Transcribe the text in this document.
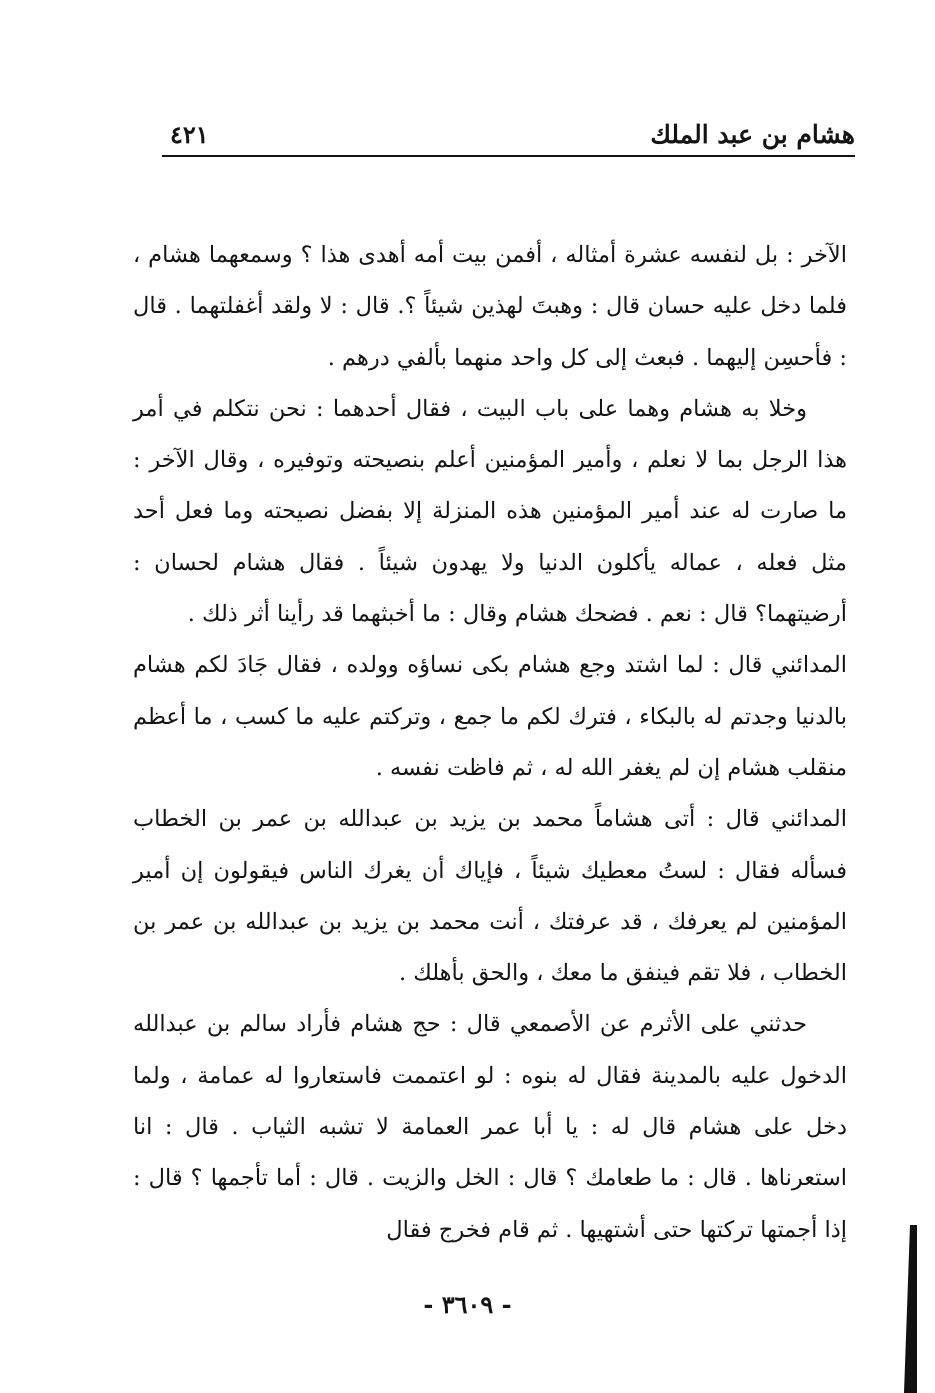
هشام بن عبد الملك
٤٢١

الآخر : بل لنفسه عشرة أمثاله ، أفمن بيت أمه أهدى هذا ؟ وسمعهما هشام ، فلما دخل عليه حسان قال : وهبتَ لهذين شيئاً ؟. قال : لا ولقد أغفلتهما . قال : فأحسِن إليهما . فبعث إلى كل واحد منهما بألفي درهم .

وخلا به هشام وهما على باب البيت ، فقال أحدهما : نحن نتكلم في أمر هذا الرجل بما لا نعلم ، وأمير المؤمنين أعلم بنصيحته وتوفيره ، وقال الآخر : ما صارت له عند أمير المؤمنين هذه المنزلة إلا بفضل نصيحته وما فعل أحد مثل فعله ، عماله يأكلون الدنيا ولا يهدون شيئاً . فقال هشام لحسان : أرضيتهما؟ قال : نعم . فضحك هشام وقال : ما أخبثهما قد رأينا أثر ذلك .

المدائني قال : لما اشتد وجع هشام بكى نساؤه وولده ، فقال جَادَ لكم هشام بالدنيا وجدتم له بالبكاء ، فترك لكم ما جمع ، وتركتم عليه ما كسب ، ما أعظم منقلب هشام إن لم يغفر الله له ، ثم فاظت نفسه .

المدائني قال : أتى هشاماً محمد بن يزيد بن عبدالله بن عمر بن الخطاب فسأله فقال : لستُ معطيك شيئاً ، فإياك أن يغرك الناس فيقولون إن أمير المؤمنين لم يعرفك ، قد عرفتك ، أنت محمد بن يزيد بن عبدالله بن عمر بن الخطاب ، فلا تقم فينفق ما معك ، والحق بأهلك .

حدثني على الأثرم عن الأصمعي قال : حج هشام فأراد سالم بن عبدالله الدخول عليه بالمدينة فقال له بنوه : لو اعتممت فاستعاروا له عمامة ، ولما دخل على هشام قال له : يا أبا عمر العمامة لا تشبه الثياب . قال : انا استعرناها . قال : ما طعامك ؟ قال : الخل والزيت . قال : أما تأجمها ؟ قال : إذا أجمتها تركتها حتى أشتهيها . ثم قام فخرج فقال

- ٣٦٠٩ -
